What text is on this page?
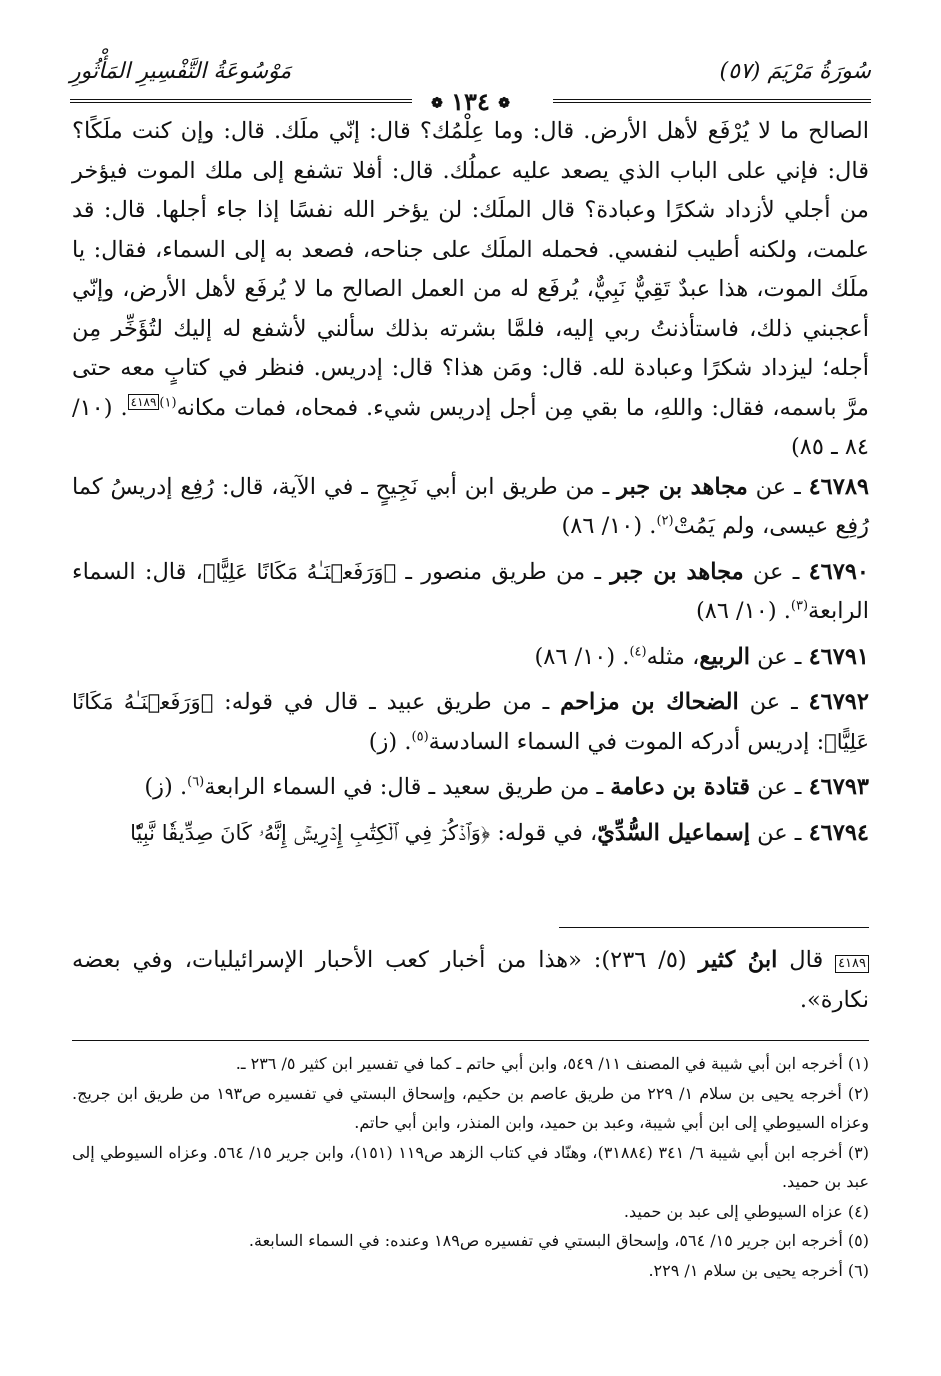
سُورَةُ مَرْيَمَ (٥٧)
مَوْسُوعَةُ التَّفْسِيرِ المَأْثُورِ
❁ ١٣٤ ❁

الصالح ما لا يُرْفَع لأهل الأرض. قال: وما عِلْمُك؟ قال: إنّي ملَك. قال: وإن كنت ملَكًا؟ قال: فإني على الباب الذي يصعد عليه عملُك. قال: أفلا تشفع إلى ملك الموت فيؤخر من أجلي لأزداد شكرًا وعبادة؟ قال الملَك: لن يؤخر الله نفسًا إذا جاء أجلها. قال: قد علمت، ولكنه أطيب لنفسي. فحمله الملَك على جناحه، فصعد به إلى السماء، فقال: يا ملَك الموت، هذا عبدٌ تَقِيٌّ نَبِيٌّ، يُرفَع له من العمل الصالح ما لا يُرفَع لأهل الأرض، وإنّي أعجبني ذلك، فاستأذنتُ ربي إليه، فلمَّا بشرته بذلك سألني لأشفع له إليك لتُؤَخِّر مِن أجله؛ ليزداد شكرًا وعبادة لله. قال: ومَن هذا؟ قال: إدريس. فنظر في كتابٍ معه حتى مرَّ باسمه، فقال: واللهِ، ما بقي مِن أجل إدريس شيء. فمحاه، فمات مكانه$^{(١)}$٤١٨٩. (١٠/ ٨٤ ـ ٨٥)

٤٦٧٨٩ ـ عن مجاهد بن جبر ـ من طريق ابن أبي نَجِيحٍ ـ في الآية، قال: رُفِع إدريسُ كما رُفِع عيسى، ولم يَمُتْ$^{(٢)}$. (١٠/ ٨٦)

٤٦٧٩٠ ـ عن مجاهد بن جبر ـ من طريق منصور ـ ﴿وَرَفَعۡنَـٰهُ مَكَانًا عَلِيًّا﴾، قال: السماء الرابعة$^{(٣)}$. (١٠/ ٨٦)

٤٦٧٩١ ـ عن الربيع، مثله$^{(٤)}$. (١٠/ ٨٦)

٤٦٧٩٢ ـ عن الضحاك بن مزاحم ـ من طريق عبيد ـ قال في قوله: ﴿وَرَفَعۡنَـٰهُ مَكَانًا عَلِيًّا﴾: إدريس أدركه الموت في السماء السادسة$^{(٥)}$. (ز)

٤٦٧٩٣ ـ عن قتادة بن دعامة ـ من طريق سعيد ـ قال: في السماء الرابعة$^{(٦)}$. (ز)

٤٦٧٩٤ ـ عن إسماعيل السُّدِّيّ، في قوله: ﴿وَٱذۡكُرۡ فِي ٱلۡكِتَٰبِ إِدۡرِيسَۚ إِنَّهُۥ كَانَ صِدِّيقٗا نَّبِيّٗا

٤١٨٩ قال ابنُ كثير (٥/ ٢٣٦): «هذا من أخبار كعب الأحبار الإسرائيليات، وفي بعضه نكارة».

(١) أخرجه ابن أبي شيبة في المصنف ١١/ ٥٤٩، وابن أبي حاتم ـ كما في تفسير ابن كثير ٥/ ٢٣٦ ـ.

(٢) أخرجه يحيى بن سلام ١/ ٢٢٩ من طريق عاصم بن حكيم، وإسحاق البستي في تفسيره ص١٩٣ من طريق ابن جريج. وعزاه السيوطي إلى ابن أبي شيبة، وعبد بن حميد، وابن المنذر، وابن أبي حاتم.

(٣) أخرجه ابن أبي شيبة ٦/ ٣٤١ (٣١٨٨٤)، وهنّاد في كتاب الزهد ص١١٩ (١٥١)، وابن جرير ١٥/ ٥٦٤. وعزاه السيوطي إلى عبد بن حميد.

(٤) عزاه السيوطي إلى عبد بن حميد.

(٥) أخرجه ابن جرير ١٥/ ٥٦٤، وإسحاق البستي في تفسيره ص١٨٩ وعنده: في السماء السابعة.

(٦) أخرجه يحيى بن سلام ١/ ٢٢٩.
